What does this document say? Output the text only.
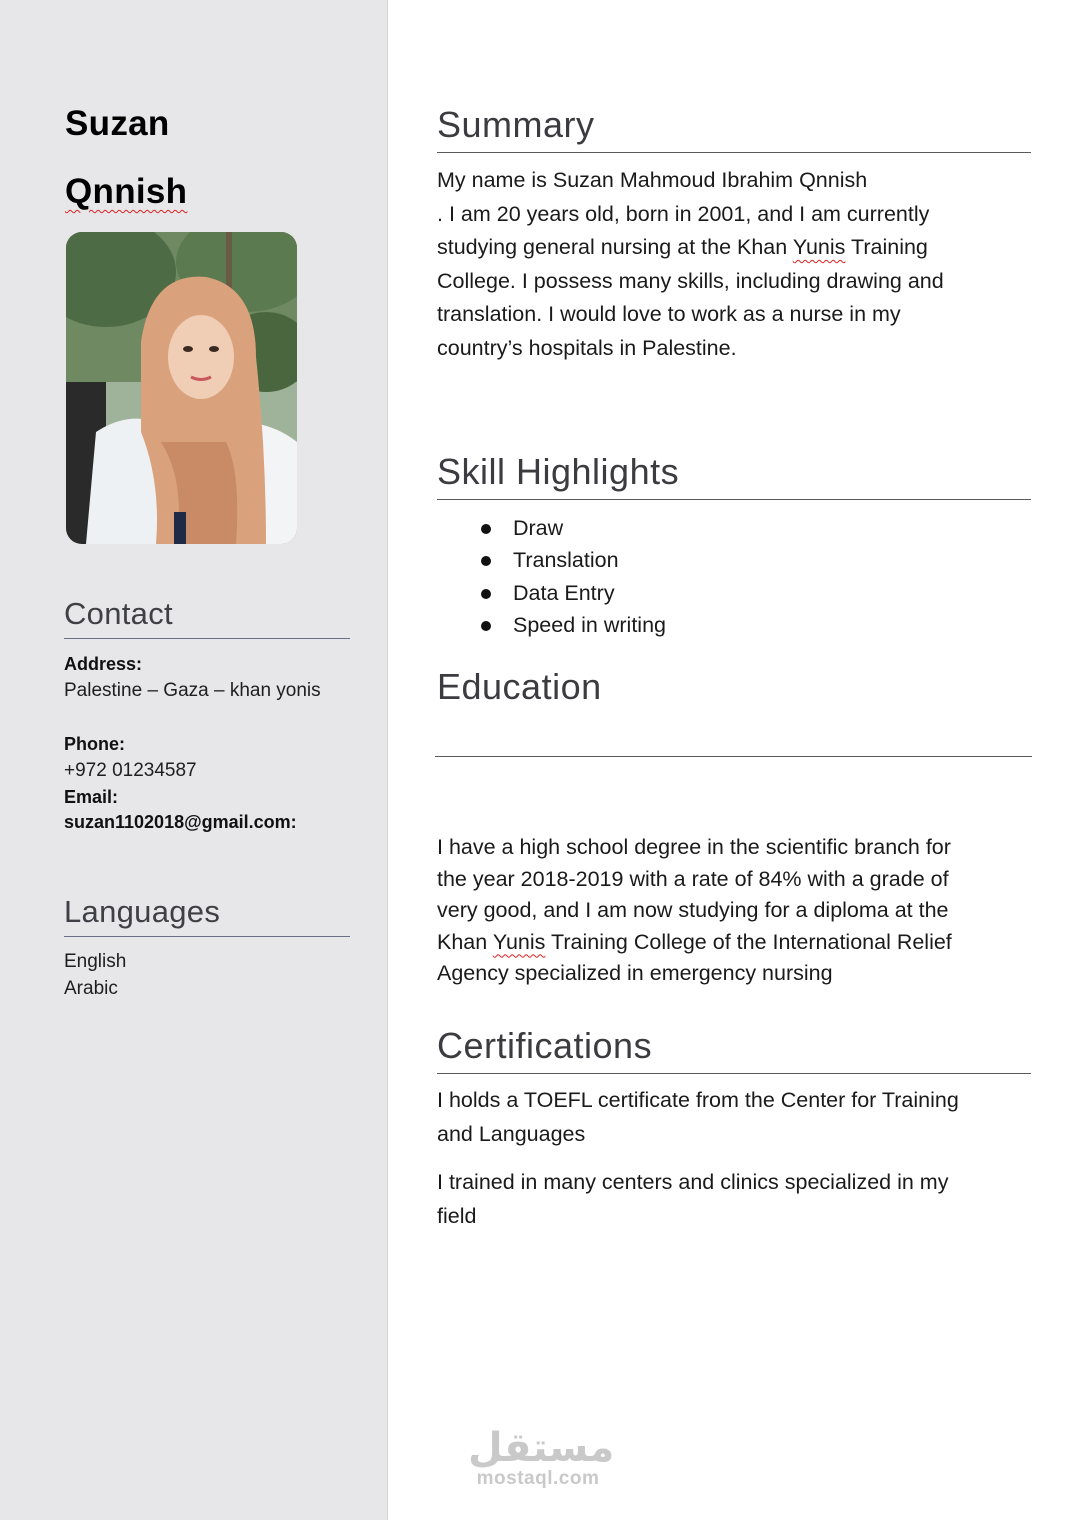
Suzan
Qnnish
Contact
Address:
Palestine – Gaza – khan yonis
Phone:
+972 01234587
Email:
suzan1102018@gmail.com:
Languages
English
Arabic
Summary
My name is Suzan Mahmoud Ibrahim Qnnish
. I am 20 years old, born in 2001, and I am currently
studying general nursing at the Khan Yunis Training
College. I possess many skills, including drawing and
translation. I would love to work as a nurse in my
country’s hospitals in Palestine.
Skill Highlights
Draw
Translation
Data Entry
Speed in writing
Education
I have a high school degree in the scientific branch for
the year 2018-2019 with a rate of 84% with a grade of
very good, and I am now studying for a diploma at the
Khan Yunis Training College of the International Relief
Agency specialized in emergency nursing
Certifications
I holds a TOEFL certificate from the Center for Training
and Languages
I trained in many centers and clinics specialized in my
field
مستقل
mostaql.com
